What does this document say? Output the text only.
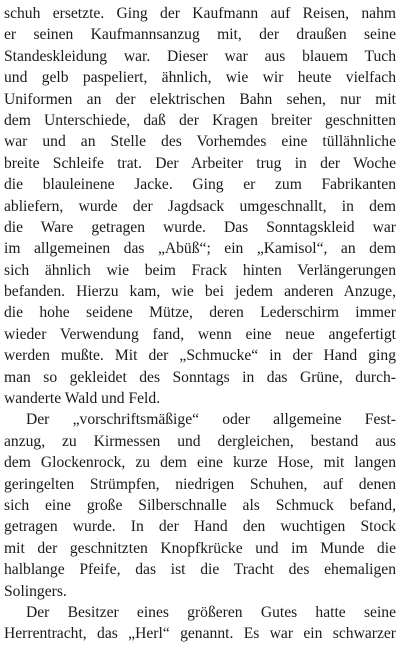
schuh ersetzte. Ging der Kaufmann auf Reisen, nahm
er seinen Kaufmannsanzug mit, der draußen seine
Standeskleidung war. Dieser war aus blauem Tuch
und gelb paspeliert, ähnlich, wie wir heute vielfach
Uniformen an der elektrischen Bahn sehen, nur mit
dem Unterschiede, daß der Kragen breiter geschnitten
war und an Stelle des Vorhemdes eine tüllähnliche
breite Schleife trat. Der Arbeiter trug in der Woche
die blauleinene Jacke. Ging er zum Fabrikanten
abliefern, wurde der Jagdsack umgeschnallt, in dem
die Ware getragen wurde. Das Sonntagskleid war
im allgemeinen das „Abüß“; ein „Kamisol“, an dem
sich ähnlich wie beim Frack hinten Verlängerungen
befanden. Hierzu kam, wie bei jedem anderen Anzuge,
die hohe seidene Mütze, deren Lederschirm immer
wieder Verwendung fand, wenn eine neue angefertigt
werden mußte. Mit der „Schmucke“ in der Hand ging
man so gekleidet des Sonntags in das Grüne, durch-
wanderte Wald und Feld.
Der „vorschriftsmäßige“ oder allgemeine Fest-
anzug, zu Kirmessen und dergleichen, bestand aus
dem Glockenrock, zu dem eine kurze Hose, mit langen
geringelten Strümpfen, niedrigen Schuhen, auf denen
sich eine große Silberschnalle als Schmuck befand,
getragen wurde. In der Hand den wuchtigen Stock
mit der geschnitzten Knopfkrücke und im Munde die
halblange Pfeife, das ist die Tracht des ehemaligen
Solingers.
Der Besitzer eines größeren Gutes hatte seine
Herrentracht, das „Herl“ genannt. Es war ein schwarzer
